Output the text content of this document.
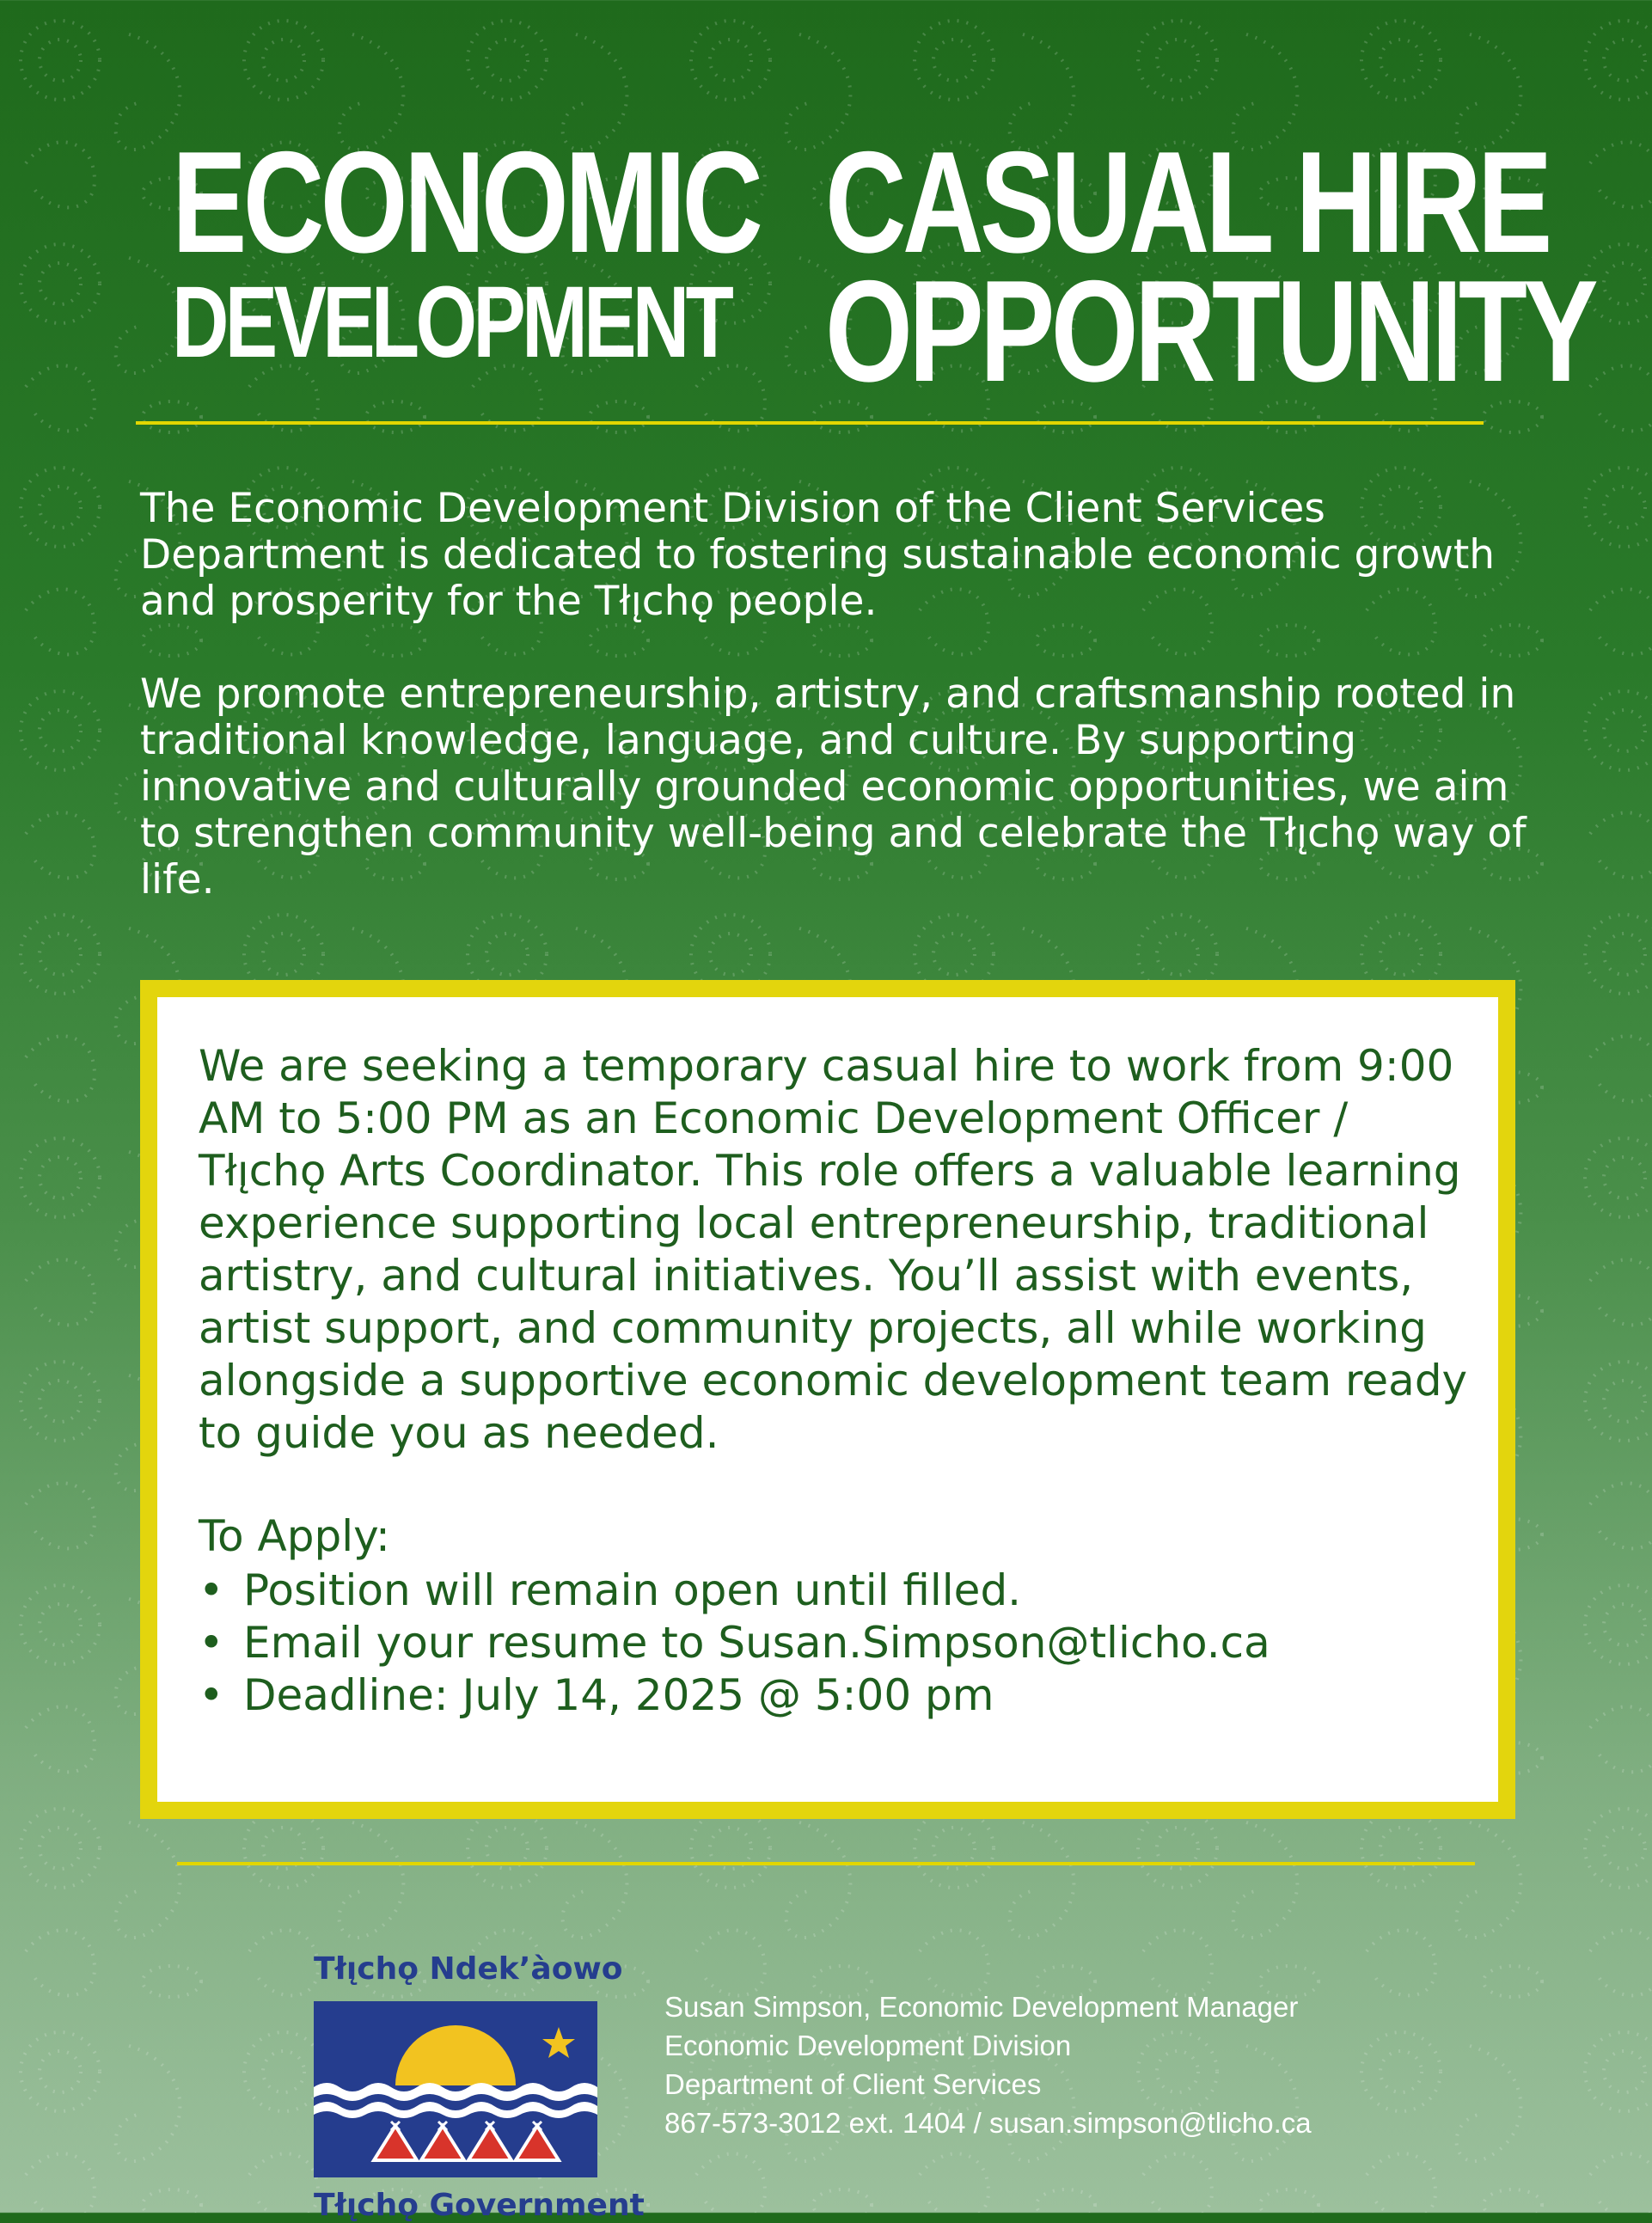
ECONOMIC
DEVELOPMENT
CASUAL HIRE
OPPORTUNITY

The Economic Development Division of the Client Services Department is dedicated to fostering sustainable economic growth and prosperity for the Tłı̨chǫ people.

We promote entrepreneurship, artistry, and craftsmanship rooted in traditional knowledge, language, and culture. By supporting innovative and culturally grounded economic opportunities, we aim to strengthen community well-being and celebrate the Tłı̨chǫ way of life.

We are seeking a temporary casual hire to work from 9:00 AM to 5:00 PM as an Economic Development Officer / Tłı̨chǫ Arts Coordinator. This role offers a valuable learning experience supporting local entrepreneurship, traditional artistry, and cultural initiatives. You’ll assist with events, artist support, and community projects, all while working alongside a supportive economic development team ready to guide you as needed.
To Apply:
• Position will remain open until filled.
• Email your resume to Susan.Simpson@tlicho.ca
• Deadline: July 14, 2025 @ 5:00 pm
Tłı̨chǫ Ndek’àowo
Tłı̨chǫ Government
Susan Simpson, Economic Development Manager
Economic Development Division
Department of Client Services
867-573-3012 ext. 1404 / susan.simpson@tlicho.ca
